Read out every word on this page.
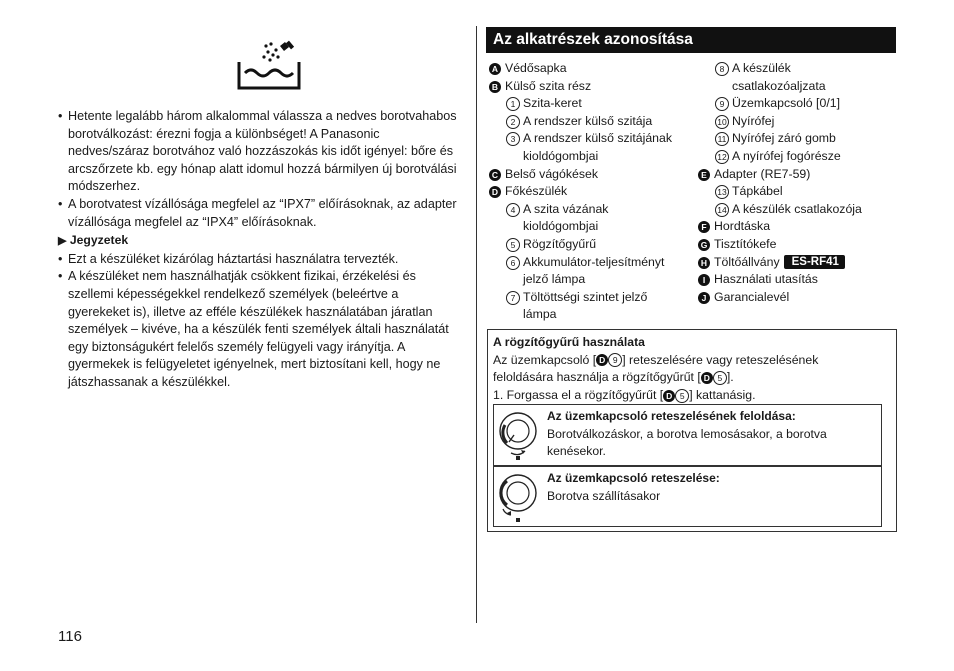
• Hetente legalább három alkalommal válassza a nedves borotvahabos borotválkozást: érezni fogja a különbséget! A Panasonic nedves/száraz borotvához való hozzászokás kis időt igényel: bőre és arcszőrzete kb. egy hónap alatt idomul hozzá bármilyen új borotválási módszerhez.
• A borotvatest vízállósága megfelel az “IPX7” előírásoknak, az adapter vízállósága megfelel az “IPX4” előírásoknak.
▶ Jegyzetek
• Ezt a készüléket kizárólag háztartási használatra tervezték.
• A készüléket nem használhatják csökkent fizikai, érzékelési és szellemi képességekkel rendelkező személyek (beleértve a gyerekeket is), illetve az efféle készülékek használatában járatlan személyek – kivéve, ha a készülék fenti személyek általi használatát egy biztonságukért felelős személy felügyeli vagy irányítja. A gyermekek is felügyeletet igényelnek, mert biztosítani kell, hogy ne játszhassanak a készülékkel.
Az alkatrészek azonosítása
A Védősapka
B Külső szita rész
1 Szita-keret
2 A rendszer külső szitája
3 A rendszer külső szitájának
kioldógombjai
C Belső vágókések
D Főkészülék
4 A szita vázának
kioldógombjai
5 Rögzítőgyűrű
6 Akkumulátor-teljesítményt
jelző lámpa
7 Töltöttségi szintet jelző
lámpa
8 A készülék
csatlakozóaljzata
9 Üzemkapcsoló [0/1]
10 Nyírófej
11 Nyírófej záró gomb
12 A nyírófej fogórésze
E Adapter (RE7-59)
13 Tápkábel
14 A készülék csatlakozója
F Hordtáska
G Tisztítókefe
H Töltőállvány ES-RF41
I Használati utasítás
J Garancialevél
A rögzítőgyűrű használata
Az üzemkapcsoló [ D 9 ] reteszelésére vagy reteszelésének
feloldására használja a rögzítőgyűrűt [ D 5 ].
1. Forgassa el a rögzítőgyűrűt [ D 5 ] kattanásig.
Az üzemkapcsoló reteszelésének feloldása:
Borotválkozáskor, a borotva lemosásakor, a borotva kenésekor.
Az üzemkapcsoló reteszelése:
Borotva szállításakor
116
